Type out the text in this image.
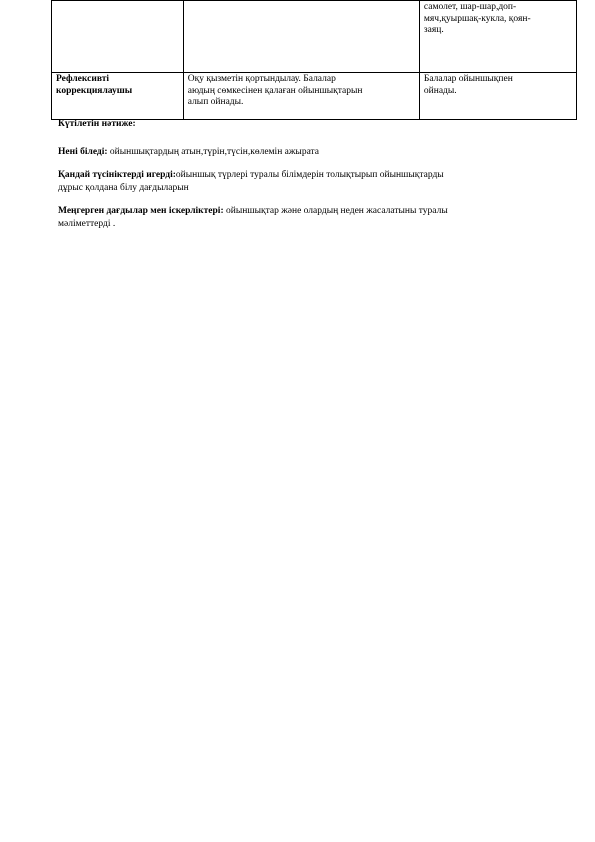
		самолет, шар-шар,доп-
мяч,қуыршақ-кукла, қоян-
заяц.

Рефлексивті
коррекциялаушы	Оқу қызметін қортындылау. Балалар
аюдың сөмкесінен қалаған ойыншықтарын
алып ойнады.	Балалар ойыншықпен
ойнады.

Күтілетін нәтиже:

Нені біледі: ойыншықтардың атын,түрін,түсін,көлемін ажырата

Қандай түсініктерді игерді:ойыншық түрлері туралы білімдерін толықтырып ойыншықтарды
дұрыс қолдана білу дағдыларын

Меңгерген дағдылар мен іскерліктері: ойыншықтар және олардың неден жасалатыны туралы
мәліметтерді .
